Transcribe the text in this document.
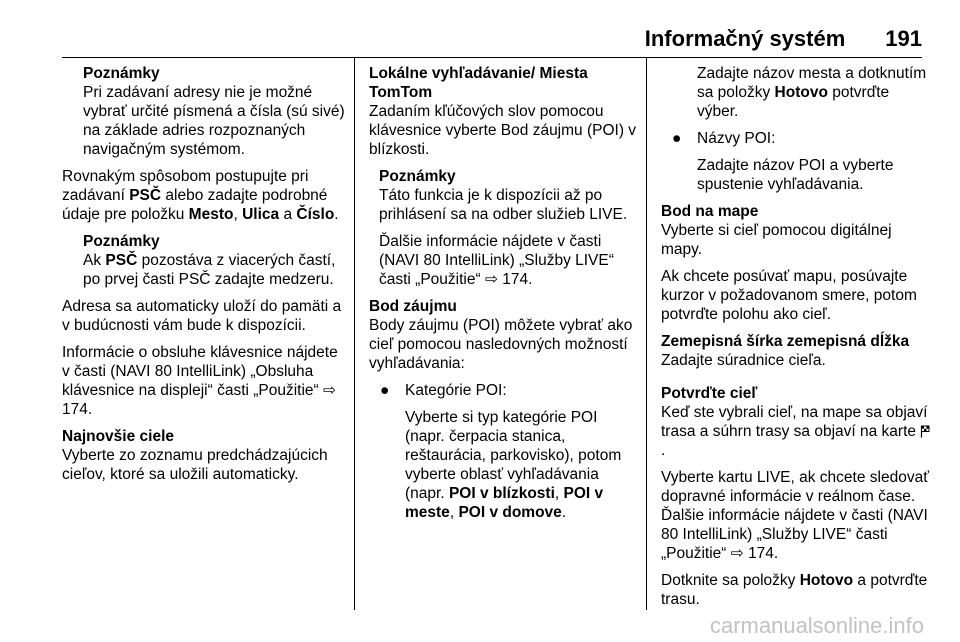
Informačný systém 191
Poznámky

Pri zadávaní adresy nie je možné vybrať určité písmená a čísla (sú sivé) na základe adries rozpoznaných navigačným systémom.

Rovnakým spôsobom postupujte pri zadávaní PSČ alebo zadajte podrobné údaje pre položku Mesto, Ulica a Číslo.

Poznámky

Ak PSČ pozostáva z viacerých častí, po prvej časti PSČ zadajte medzeru.

Adresa sa automaticky uloží do pamäti a v budúcnosti vám bude k dispozícii.

Informácie o obsluhe klávesnice nájdete v časti (NAVI 80 IntelliLink) „Obsluha klávesnice na displeji“ časti „Použitie“ ⇨ 174.

Najnovšie ciele

Vyberte zo zoznamu predchádzajúcich cieľov, ktoré sa uložili automaticky.

Lokálne vyhľadávanie/ Miesta TomTom

Zadaním kľúčových slov pomocou klávesnice vyberte Bod záujmu (POI) v blízkosti.

Poznámky

Táto funkcia je k dispozícii až po prihlásení sa na odber služieb LIVE.

Ďalšie informácie nájdete v časti (NAVI 80 IntelliLink) „Služby LIVE“ časti „Použitie“ ⇨ 174.

Bod záujmu

Body záujmu (POI) môžete vybrať ako cieľ pomocou nasledovných možností vyhľadávania:

● Kategórie POI:

Vyberte si typ kategórie POI (napr. čerpacia stanica, reštaurácia, parkovisko), potom vyberte oblasť vyhľadávania (napr. POI v blízkosti, POI v meste, POI v domove.

Zadajte názov mesta a dotknutím sa položky Hotovo potvrďte výber.

● Názvy POI:

Zadajte názov POI a vyberte spustenie vyhľadávania.

Bod na mape

Vyberte si cieľ pomocou digitálnej mapy.

Ak chcete posúvať mapu, posúvajte kurzor v požadovanom smere, potom potvrďte polohu ako cieľ.

Zemepisná šírka zemepisná dĺžka

Zadajte súradnice cieľa.

Potvrďte cieľ

Keď ste vybrali cieľ, na mape sa objaví trasa a súhrn trasy sa objaví na karte .

Vyberte kartu LIVE, ak chcete sledovať dopravné informácie v reálnom čase. Ďalšie informácie nájdete v časti (NAVI 80 IntelliLink) „Služby LIVE“ časti „Použitie“ ⇨ 174.

Dotknite sa položky Hotovo a potvrďte trasu.

carmanualsonline.info
